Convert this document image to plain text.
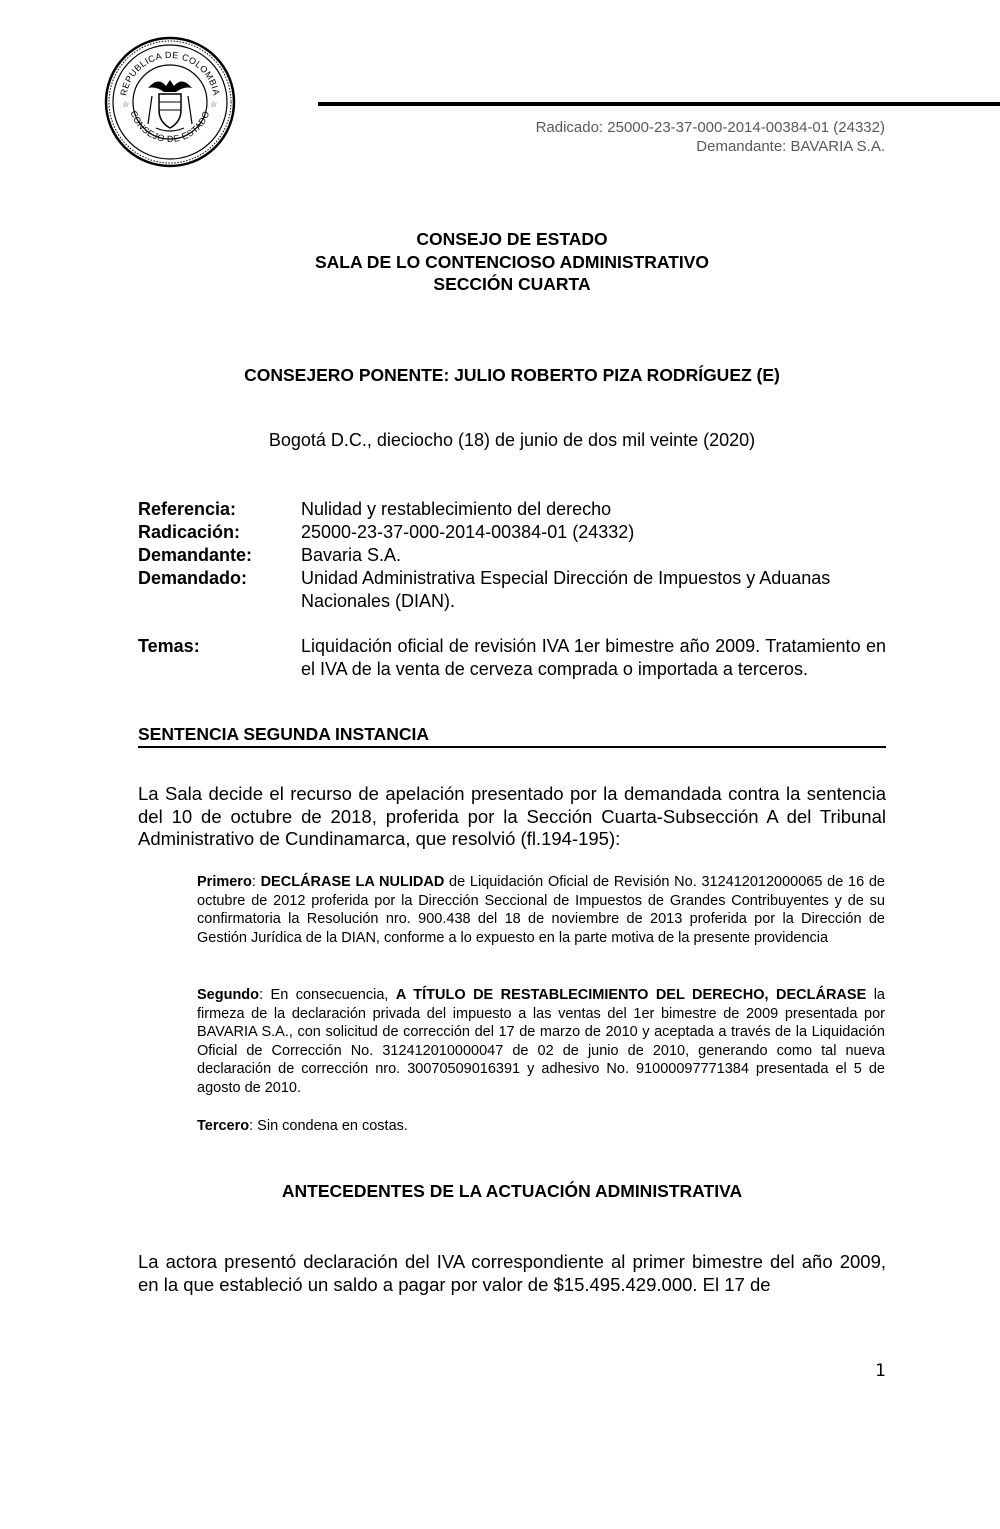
REPUBLICA DE COLOMBIA
CONSEJO DE ESTADO
☆	☆
Radicado: 25000-23-37-000-2014-00384-01 (24332)
Demandante: BAVARIA S.A.
CONSEJO DE ESTADO
SALA DE LO CONTENCIOSO ADMINISTRATIVO
SECCIÓN CUARTA
CONSEJERO PONENTE: JULIO ROBERTO PIZA RODRÍGUEZ (E)
Bogotá D.C., dieciocho (18) de junio de dos mil veinte (2020)
Referencia:	Nulidad y restablecimiento del derecho
Radicación:	25000-23-37-000-2014-00384-01 (24332)
Demandante:	Bavaria S.A.
Demandado:	Unidad Administrativa Especial Dirección de Impuestos y Aduanas Nacionales (DIAN).
Temas:	Liquidación oficial de revisión IVA 1er bimestre año 2009. Tratamiento en el IVA de la venta de cerveza comprada o importada a terceros.
SENTENCIA SEGUNDA INSTANCIA
La Sala decide el recurso de apelación presentado por la demandada contra la sentencia del 10 de octubre de 2018, proferida por la Sección Cuarta-Subsección A del Tribunal Administrativo de Cundinamarca, que resolvió (fl.194-195):
Primero: DECLÁRASE LA NULIDAD de Liquidación Oficial de Revisión No. 312412012000065 de 16 de octubre de 2012 proferida por la Dirección Seccional de Impuestos de Grandes Contribuyentes y de su confirmatoria la Resolución nro. 900.438 del 18 de noviembre de 2013 proferida por la Dirección de Gestión Jurídica de la DIAN, conforme a lo expuesto en la parte motiva de la presente providencia
Segundo: En consecuencia, A TÍTULO DE RESTABLECIMIENTO DEL DERECHO, DECLÁRASE la firmeza de la declaración privada del impuesto a las ventas del 1er bimestre de 2009 presentada por BAVARIA S.A., con solicitud de corrección del 17 de marzo de 2010 y aceptada a través de la Liquidación Oficial de Corrección No. 312412010000047 de 02 de junio de 2010, generando como tal nueva declaración de corrección nro. 30070509016391 y adhesivo No. 91000097771384 presentada el 5 de agosto de 2010.
Tercero: Sin condena en costas.
ANTECEDENTES DE LA ACTUACIÓN ADMINISTRATIVA
La actora presentó declaración del IVA correspondiente al primer bimestre del año 2009, en la que estableció un saldo a pagar por valor de $15.495.429.000. El 17 de
1
